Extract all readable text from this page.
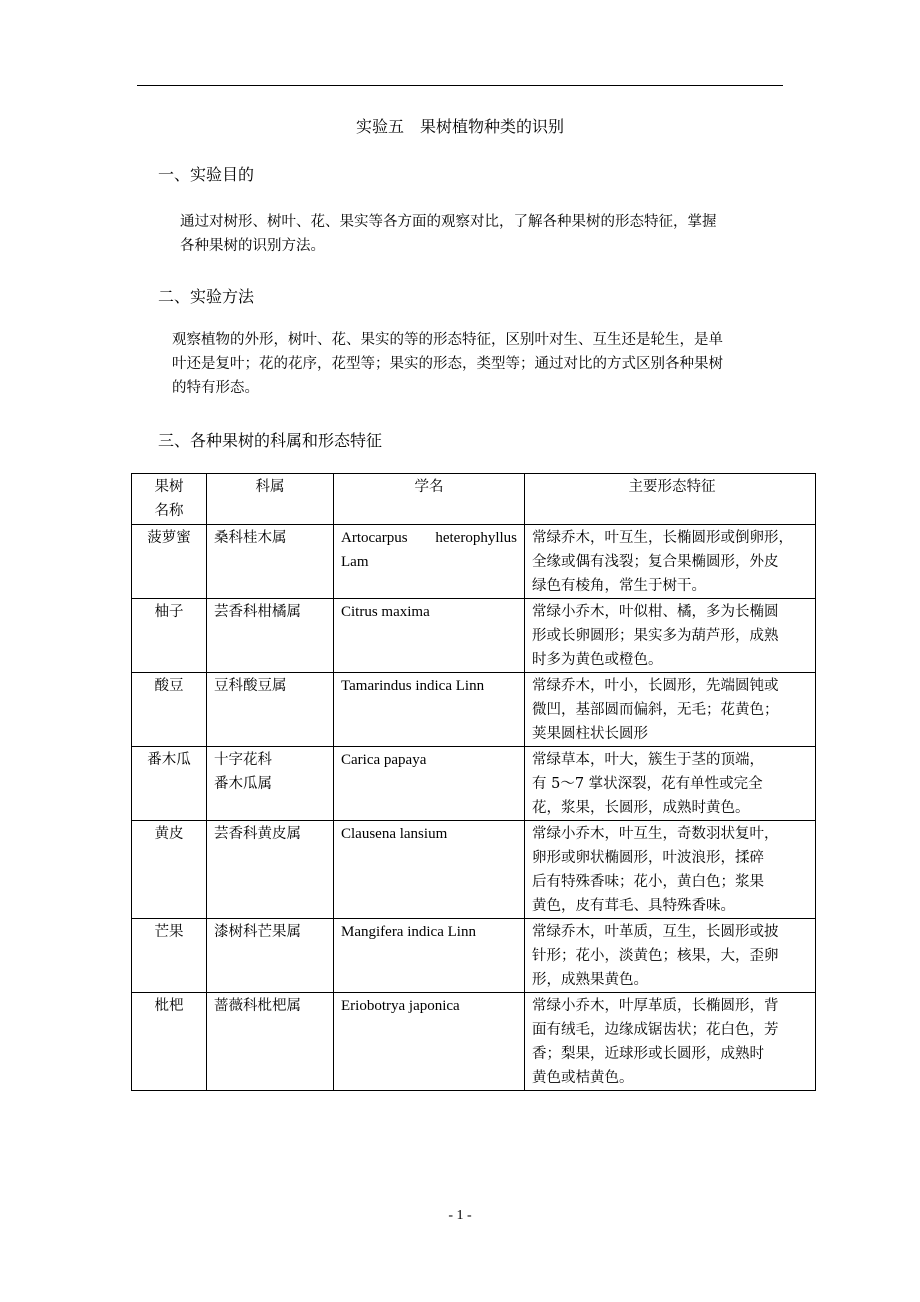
实验五　果树植物种类的识别
一、实验目的
通过对树形、树叶、花、果实等各方面的观察对比，了解各种果树的形态特征，掌握
各种果树的识别方法。
二、实验方法
观察植物的外形，树叶、花、果实的等的形态特征，区别叶对生、互生还是轮生，是单
叶还是复叶；花的花序，花型等；果实的形态，类型等；通过对比的方式区别各种果树
的特有形态。
三、各种果树的科属和形态特征
果树
名称	科属	学名	主要形态特征

菠萝蜜	桑科桂木属	Artocarpus heterophyllus
Lam	常绿乔木，叶互生，长椭圆形或倒卵形，
全缘或偶有浅裂；复合果椭圆形，外皮
绿色有棱角，常生于树干。

柚子	芸香科柑橘属	Citrus maxima	常绿小乔木，叶似柑、橘，多为长椭圆
形或长卵圆形；果实多为葫芦形，成熟
时多为黄色或橙色。

酸豆	豆科酸豆属	Tamarindus indica Linn	常绿乔木，叶小，长圆形，先端圆钝或
微凹，基部圆而偏斜，无毛；花黄色；
荚果圆柱状长圆形

番木瓜	十字花科
番木瓜属	Carica papaya	常绿草本，叶大，簇生于茎的顶端，
有 5～7 掌状深裂，花有单性或完全
花，浆果，长圆形，成熟时黄色。

黄皮	芸香科黄皮属	Clausena lansium	常绿小乔木，叶互生，奇数羽状复叶，
卵形或卵状椭圆形，叶波浪形，揉碎
后有特殊香味；花小，黄白色；浆果
黄色，皮有茸毛、具特殊香味。

芒果	漆树科芒果属	Mangifera indica Linn	常绿乔木，叶革质，互生，长圆形或披
针形；花小，淡黄色；核果，大，歪卵
形，成熟果黄色。

枇杷	蔷薇科枇杷属	Eriobotrya japonica	常绿小乔木，叶厚革质，长椭圆形，背
面有绒毛，边缘成锯齿状；花白色，芳
香；梨果，近球形或长圆形，成熟时
黄色或桔黄色。
- 1 -
